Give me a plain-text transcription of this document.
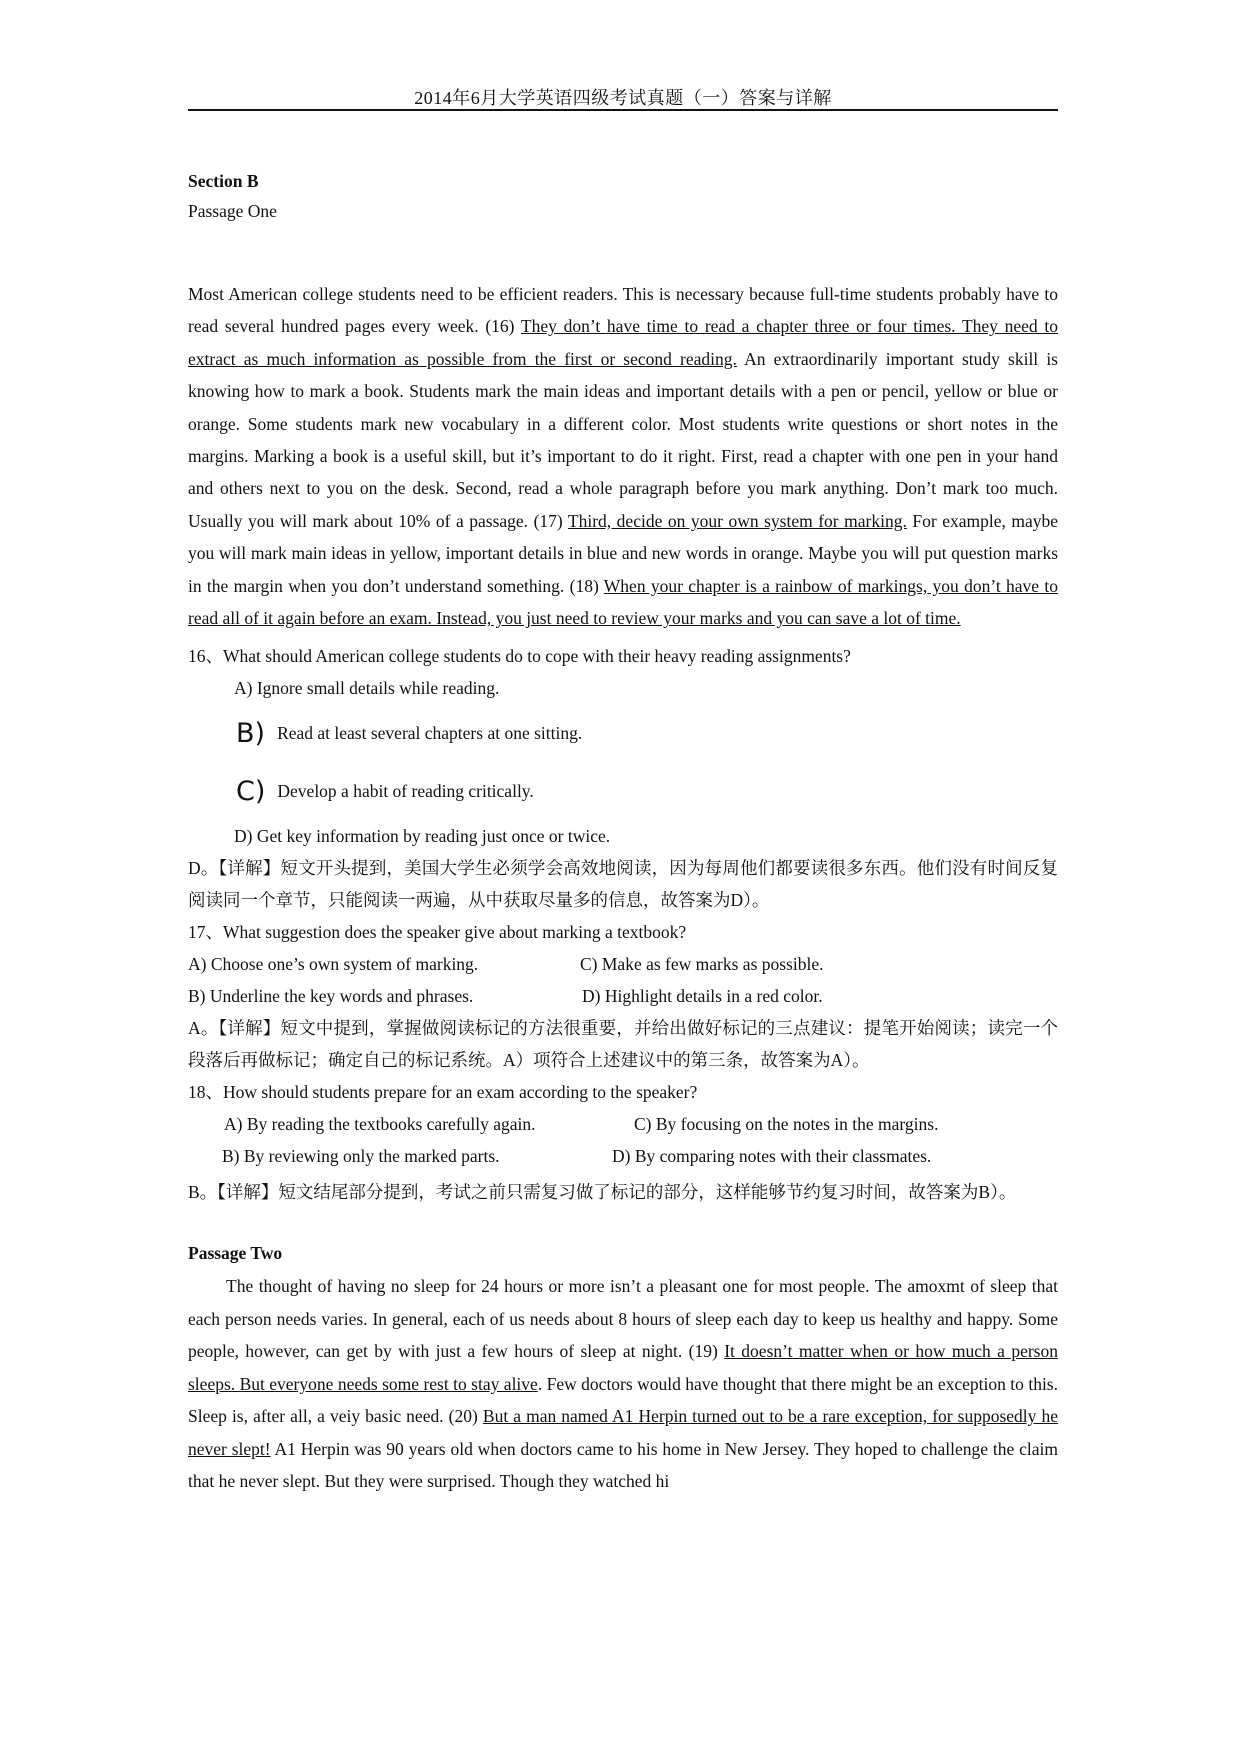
2014年6月大学英语四级考试真题（一）答案与详解

Section B

Passage One

Most American college students need to be efficient readers. This is necessary because full-time students probably have to read several hundred pages every week. (16) They don’t have time to read a chapter three or four times. They need to extract as much information as possible from the first or second reading. An extraordinarily important study skill is knowing how to mark a book. Students mark the main ideas and important details with a pen or pencil, yellow or blue or orange. Some students mark new vocabulary in a different color. Most students write questions or short notes in the margins. Marking a book is a useful skill, but it’s important to do it right. First, read a chapter with one pen in your hand and others next to you on the desk. Second, read a whole paragraph before you mark anything. Don’t mark too much. Usually you will mark about 10% of a passage. (17) Third, decide on your own system for marking. For example, maybe you will mark main ideas in yellow, important details in blue and new words in orange. Maybe you will put question marks in the margin when you don’t understand something. (18) When your chapter is a rainbow of markings, you don’t have to read all of it again before an exam. Instead, you just need to review your marks and you can save a lot of time.

16、What should American college students do to cope with their heavy reading assignments?

A) Ignore small details while reading.

B) Read at least several chapters at one sitting.
C) Develop a habit of reading critically.

D) Get key information by reading just once or twice.

D。【详解】短文开头提到，美国大学生必须学会高效地阅读，因为每周他们都要读很多东西。他们没有时间反复阅读同一个章节，只能阅读一两遍，从中获取尽量多的信息，故答案为D）。

17、What suggestion does the speaker give about marking a textbook?

A) Choose one’s own system of marking.	C) Make as few marks as possible.
B) Underline the key words and phrases.	D) Highlight details in a red color.

A。【详解】短文中提到，掌握做阅读标记的方法很重要，并给出做好标记的三点建议：提笔开始阅读；读完一个段落后再做标记；确定自己的标记系统。A）项符合上述建议中的第三条，故答案为A）。

18、How should students prepare for an exam according to the speaker?

A) By reading the textbooks carefully again.	C) By focusing on the notes in the margins.
B) By reviewing only the marked parts.	D) By comparing notes with their classmates.

B。【详解】短文结尾部分提到，考试之前只需复习做了标记的部分，这样能够节约复习时间，故答案为B）。

Passage Two

The thought of having no sleep for 24 hours or more isn’t a pleasant one for most people. The amoxmt of sleep that each person needs varies. In general, each of us needs about 8 hours of sleep each day to keep us healthy and happy. Some people, however, can get by with just a few hours of sleep at night. (19) It doesn’t matter when or how much a person sleeps. But everyone needs some rest to stay alive. Few doctors would have thought that there might be an exception to this. Sleep is, after all, a veiy basic need. (20) But a man named A1 Herpin turned out to be a rare exception, for supposedly he never slept! A1 Herpin was 90 years old when doctors came to his home in New Jersey. They hoped to challenge the claim that he never slept. But they were surprised. Though they watched hi
